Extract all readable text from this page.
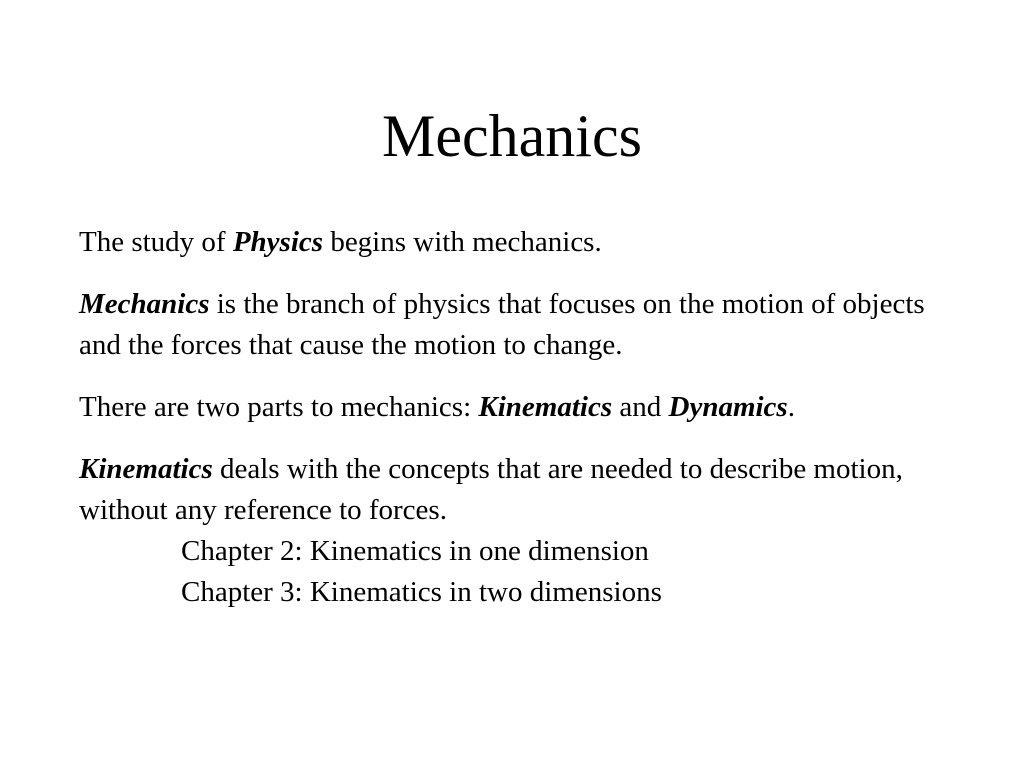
Mechanics

The study of Physics begins with mechanics.

Mechanics is the branch of physics that focuses on the motion of objects and the forces that cause the motion to change.

There are two parts to mechanics: Kinematics and Dynamics.

Kinematics deals with the concepts that are needed to describe motion, without any reference to forces.
Chapter 2: Kinematics in one dimension
Chapter 3: Kinematics in two dimensions
